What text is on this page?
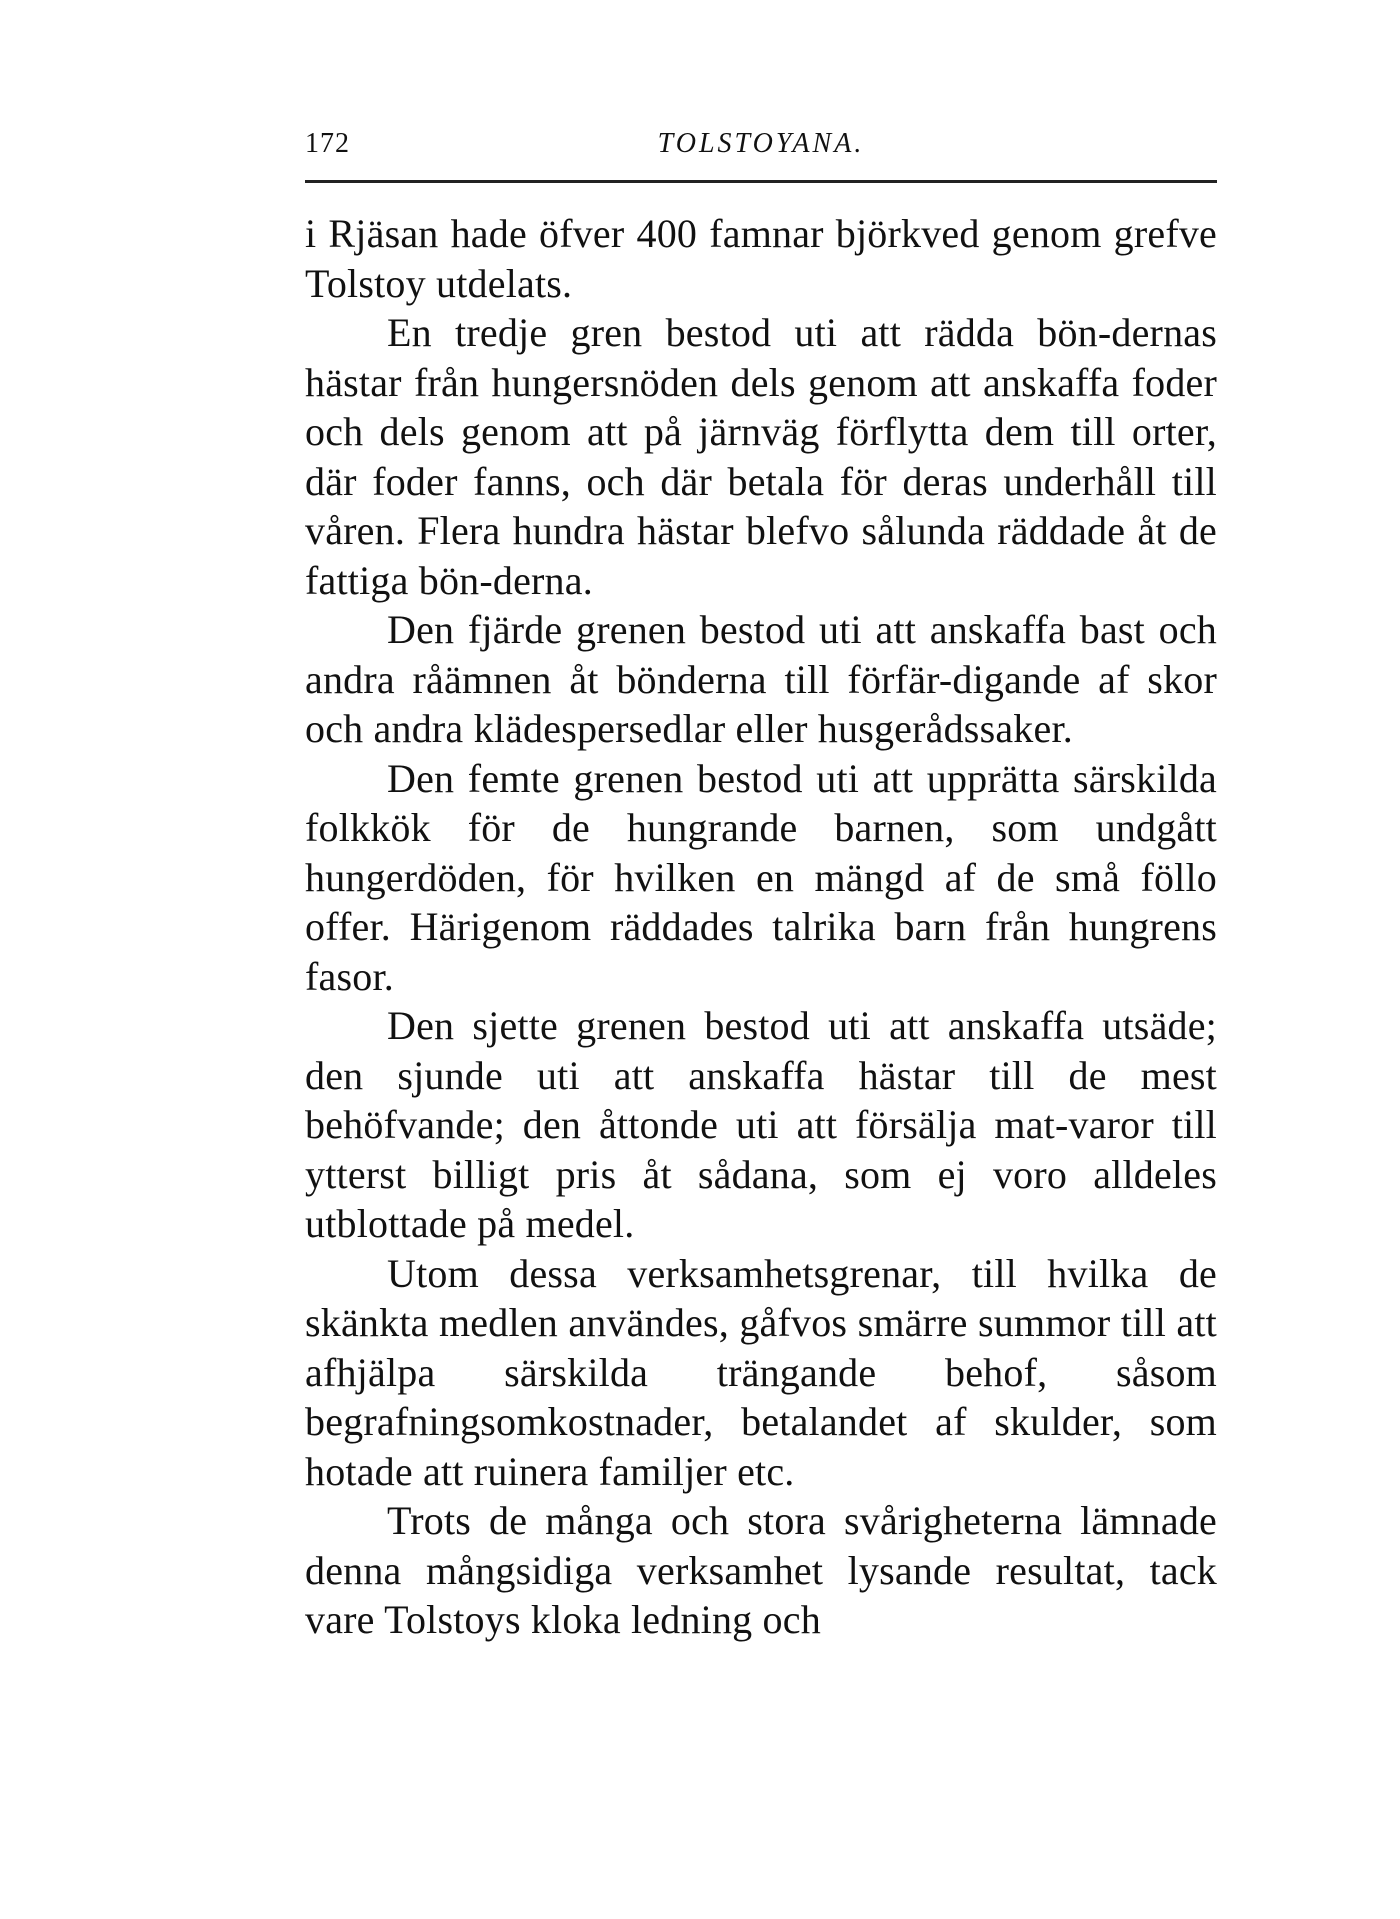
172	TOLSTOYANA.

i Rjäsan hade öfver 400 famnar björkved genom grefve Tolstoy utdelats.

En tredje gren bestod uti att rädda bön-dernas hästar från hungersnöden dels genom att anskaffa foder och dels genom att på järnväg förflytta dem till orter, där foder fanns, och där betala för deras underhåll till våren. Flera hundra hästar blefvo sålunda räddade åt de fattiga bön-derna.

Den fjärde grenen bestod uti att anskaffa bast och andra råämnen åt bönderna till förfär-digande af skor och andra klädespersedlar eller husgerådssaker.

Den femte grenen bestod uti att upprätta särskilda folkkök för de hungrande barnen, som undgått hungerdöden, för hvilken en mängd af de små föllo offer. Härigenom räddades talrika barn från hungrens fasor.

Den sjette grenen bestod uti att anskaffa utsäde; den sjunde uti att anskaffa hästar till de mest behöfvande; den åttonde uti att försälja mat-varor till ytterst billigt pris åt sådana, som ej voro alldeles utblottade på medel.

Utom dessa verksamhetsgrenar, till hvilka de skänkta medlen användes, gåfvos smärre summor till att afhjälpa särskilda trängande behof, såsom begrafningsomkostnader, betalandet af skulder, som hotade att ruinera familjer etc.

Trots de många och stora svårigheterna lämnade denna mångsidiga verksamhet lysande resultat, tack vare Tolstoys kloka ledning och
